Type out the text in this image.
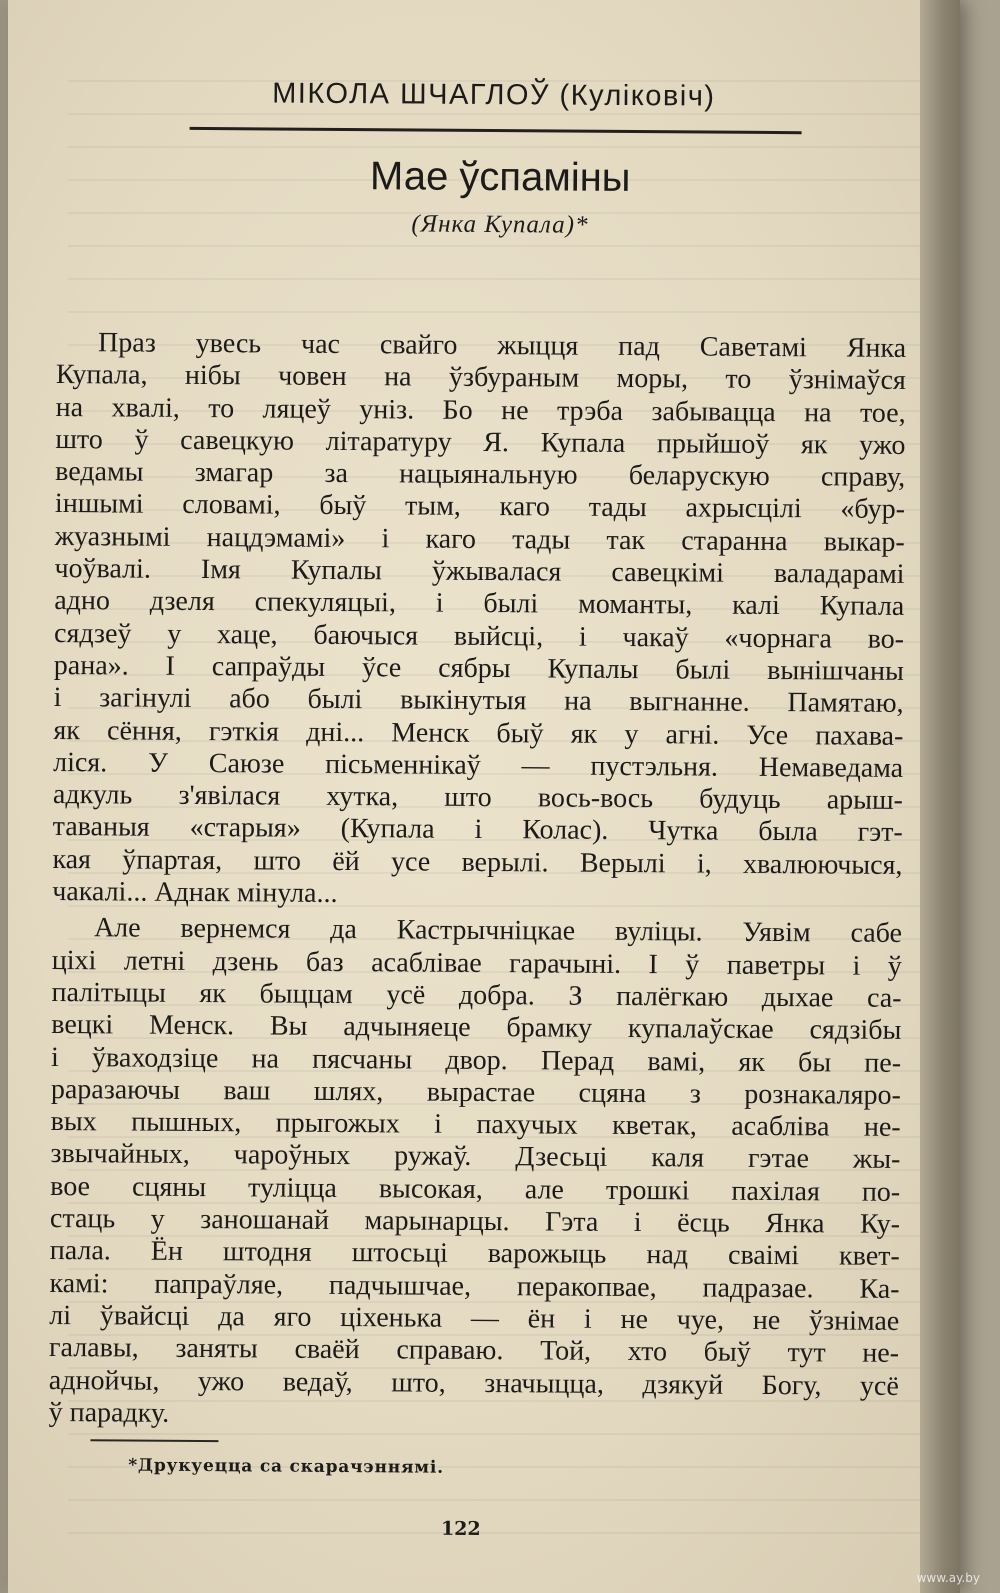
МІКОЛА ШЧАГЛОЎ (Куліковіч)
Мае ўспаміны
(Янка Купала)*
Праз увесь час свайго жыцця пад Саветамі Янка
Купала, нібы човен на ўзбураным моры, то ўзнімаўся
на хвалі, то ляцеў уніз. Бо не трэба забывацца на тое,
што ў савецкую літаратуру Я. Купала прыйшоў як ужо
ведамы змагар за нацыянальную беларускую справу,
іншымі словамі, быў тым, каго тады ахрысцілі «бур-
жуазнымі нацдэмамі» і каго тады так старанна выкар-
чоўвалі. Імя Купалы ўжывалася савецкімі валадарамі
адно дзеля спекуляцыі, і былі моманты, калі Купала
сядзеў у хаце, баючыся выйсці, і чакаў «чорнага во-
рана». І сапраўды ўсе сябры Купалы былі вынішчаны
і загінулі або былі выкінутыя на выгнанне. Памятаю,
як сёння, гэткія дні... Менск быў як у агні. Усе пахава-
ліся. У Саюзе пісьменнікаў — пустэльня. Немаведама
адкуль з'явілася хутка, што вось-вось будуць арыш-
таваныя «старыя» (Купала і Колас). Чутка была гэт-
кая ўпартая, што ёй усе верылі. Верылі і, хвалюючыся,
чакалі... Аднак мінула...
Але вернемся да Кастрычніцкае вуліцы. Уявім сабе
ціхі летні дзень баз асабліваe гарачыні. І ў паветры і ў
палітыцы як быццам усё добра. З палёгкаю дыхае са-
вецкі Менск. Вы адчыняеце брамку купалаўскае сядзібы
і ўваходзіце на пясчаны двор. Перад вамі, як бы пе-
раразаючы ваш шлях, вырастае сцяна з рознакаляро-
вых пышных, прыгожых і пахучых кветак, асабліва не-
звычайных, чароўных ружаў. Дзесьці каля гэтае жы-
вое сцяны туліцца высокая, але трошкі пахілая по-
стаць у заношанай марынарцы. Гэта і ёсць Янка Ку-
пала. Ён штодня штосьці варожыць над сваімі квет-
камі: папраўляе, падчышчае, перакопвае, падразае. Ка-
лі ўвайсці да яго ціхенька — ён і не чуе, не ўзнімае
галавы, заняты сваёй справаю. Той, хто быў тут не-
аднойчы, ужо ведаў, што, значыцца, дзякуй Богу, усё
ў парадку.
*Друкуецца са скарачэннямі.
122
www.ay.by
